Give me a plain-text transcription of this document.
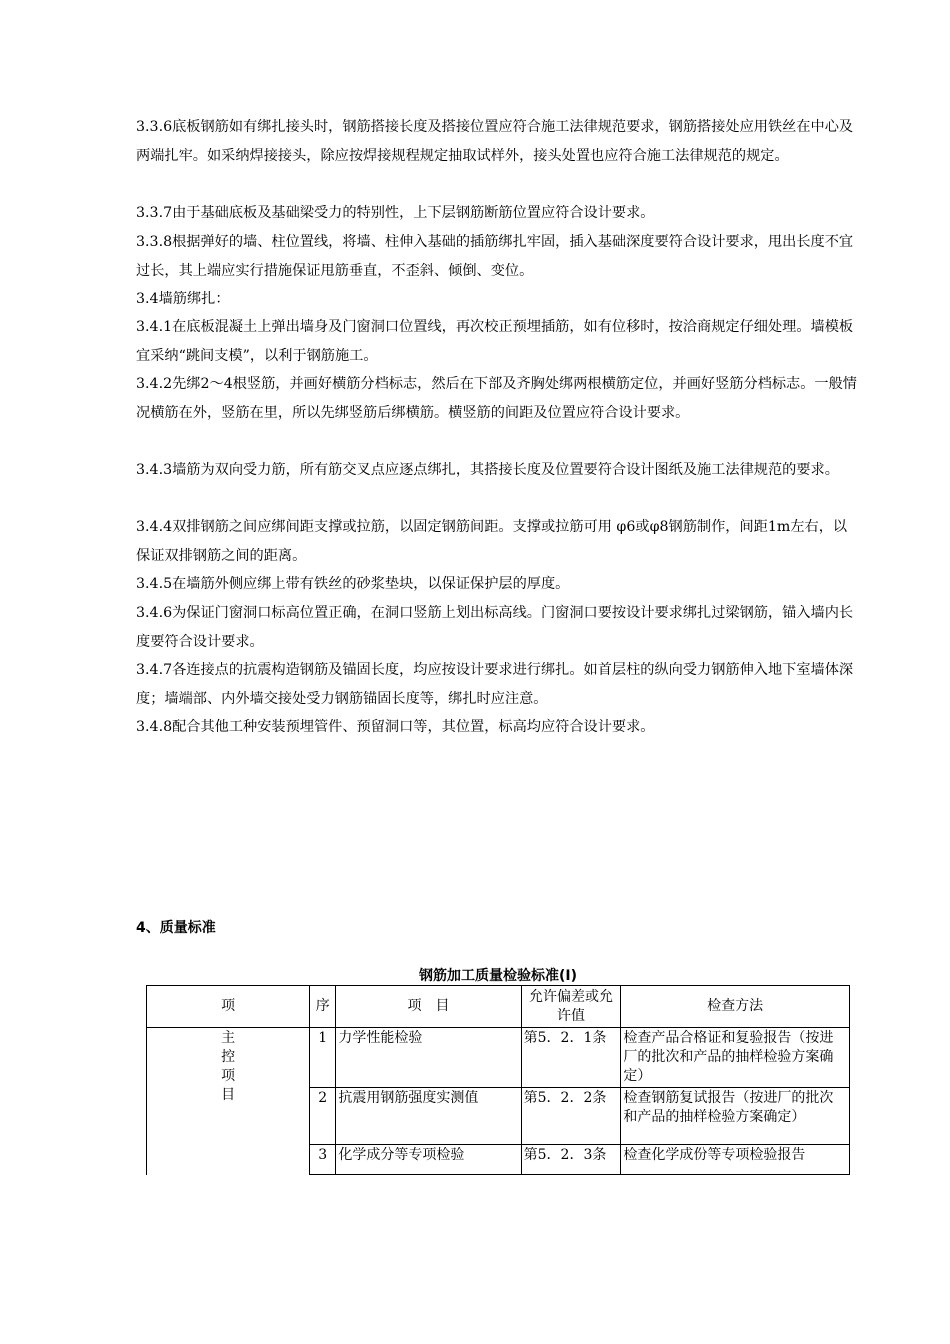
3.3.6底板钢筋如有绑扎接头时，钢筋搭接长度及搭接位置应符合施工法律规范要求，钢筋搭接处应用铁丝在中心及两端扎牢。如采纳焊接接头，除应按焊接规程规定抽取试样外，接头处置也应符合施工法律规范的规定。

3.3.7由于基础底板及基础梁受力的特别性，上下层钢筋断筋位置应符合设计要求。

3.3.8根据弹好的墙、柱位置线，将墙、柱伸入基础的插筋绑扎牢固，插入基础深度要符合设计要求，甩出长度不宜过长，其上端应实行措施保证甩筋垂直，不歪斜、倾倒、变位。

3.4墙筋绑扎：

3.4.1在底板混凝土上弹出墙身及门窗洞口位置线，再次校正预埋插筋，如有位移时，按洽商规定仔细处理。墙模板宜采纳“跳间支模”，以利于钢筋施工。

3.4.2先绑2～4根竖筋，并画好横筋分档标志，然后在下部及齐胸处绑两根横筋定位，并画好竖筋分档标志。一般情况横筋在外，竖筋在里，所以先绑竖筋后绑横筋。横竖筋的间距及位置应符合设计要求。

3.4.3墙筋为双向受力筋，所有筋交叉点应逐点绑扎，其搭接长度及位置要符合设计图纸及施工法律规范的要求。

3.4.4双排钢筋之间应绑间距支撑或拉筋，以固定钢筋间距。支撑或拉筋可用 φ6或φ8钢筋制作，间距1m左右，以保证双排钢筋之间的距离。

3.4.5在墙筋外侧应绑上带有铁丝的砂浆垫块，以保证保护层的厚度。

3.4.6为保证门窗洞口标高位置正确，在洞口竖筋上划出标高线。门窗洞口要按设计要求绑扎过梁钢筋，锚入墙内长度要符合设计要求。

3.4.7各连接点的抗震构造钢筋及锚固长度，均应按设计要求进行绑扎。如首层柱的纵向受力钢筋伸入地下室墙体深度；墙端部、内外墙交接处受力钢筋锚固长度等，绑扎时应注意。

3.4.8配合其他工种安装预埋管件、预留洞口等，其位置，标高均应符合设计要求。

4、质量标准

钢筋加工质量检验标准(Ⅰ)

项	序	项　目	允许偏差或允许值	检查方法

主
控
项
目	1	力学性能检验	第5．2．1条	检查产品合格证和复验报告（按进厂的批次和产品的抽样检验方案确定）
	2	抗震用钢筋强度实测值	第5．2．2条	检查钢筋复试报告（按进厂的批次和产品的抽样检验方案确定）
	3	化学成分等专项检验	第5．2．3条	检查化学成份等专项检验报告
